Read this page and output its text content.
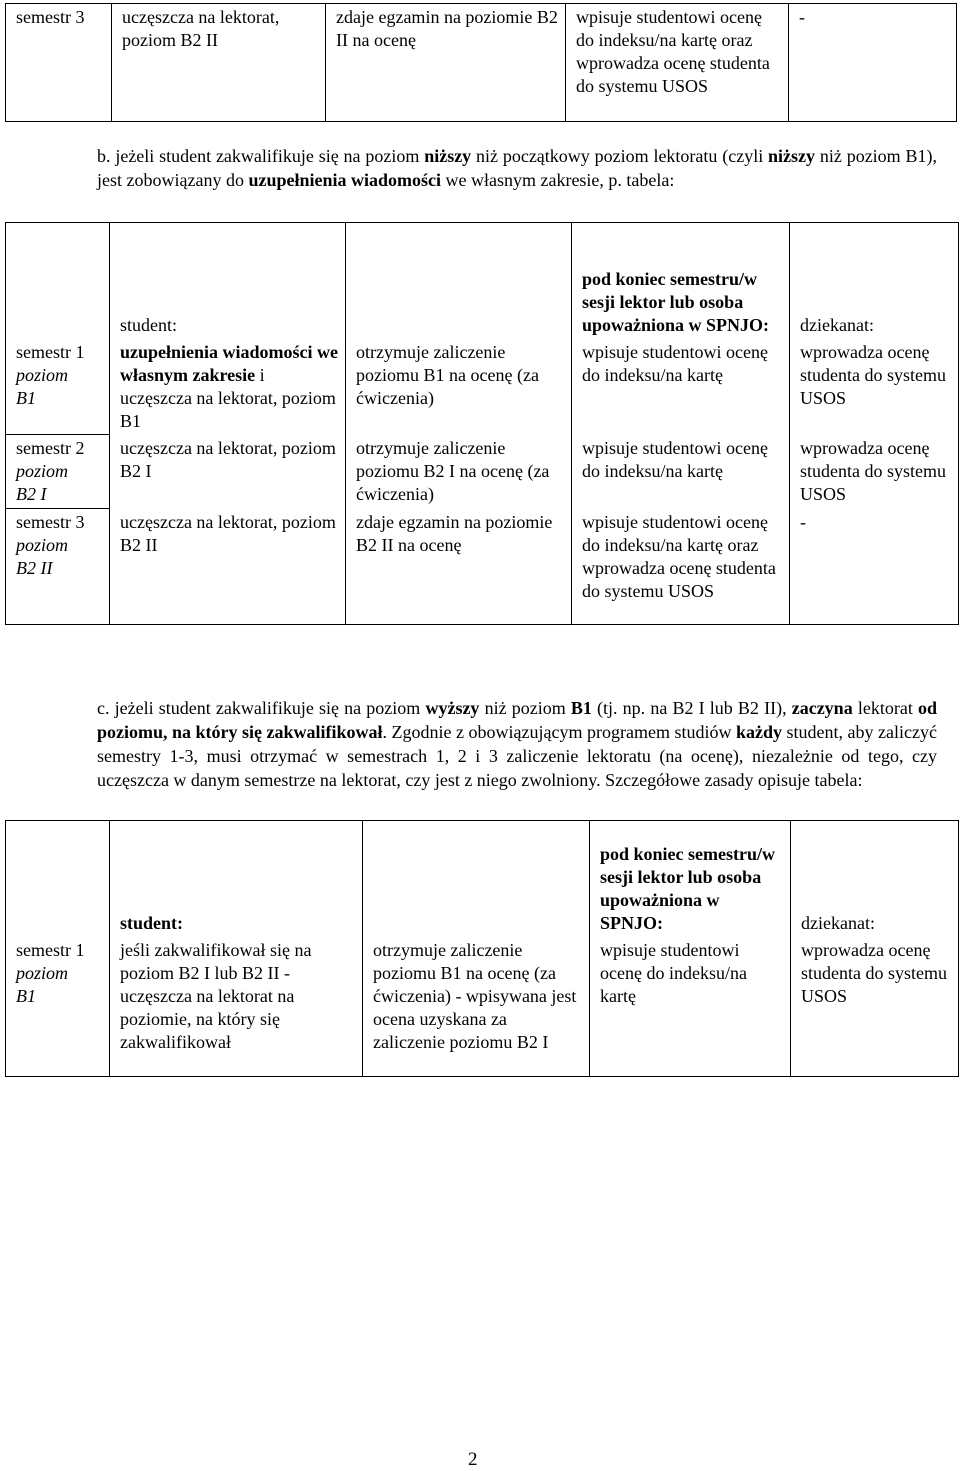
semestr 3	uczęszcza na lektorat, poziom B2 II	zdaje egzamin na poziomie B2 II na ocenę	wpisuje studentowi ocenę do indeksu/na kartę oraz wprowadza ocenę studenta do systemu USOS	-

b. jeżeli student zakwalifikuje się na poziom niższy niż początkowy poziom lektoratu (czyli niższy niż poziom B1), jest zobowiązany do uzupełnienia wiadomości we własnym zakresie, p. tabela:

	student:		pod koniec semestru/w sesji lektor lub osoba upoważniona w SPNJO:	dziekanat:

semestr 1
poziom
B1	uzupełnienia wiadomości we własnym zakresie i uczęszcza na lektorat, poziom B1	otrzymuje zaliczenie poziomu B1 na ocenę (za ćwiczenia)	wpisuje studentowi ocenę do indeksu/na kartę	wprowadza ocenę studenta do systemu USOS

semestr 2
poziom
B2 I	uczęszcza na lektorat, poziom B2 I	otrzymuje zaliczenie poziomu B2 I na ocenę (za ćwiczenia)	wpisuje studentowi ocenę do indeksu/na kartę	wprowadza ocenę studenta do systemu USOS

semestr 3
poziom
B2 II	uczęszcza na lektorat, poziom B2 II	zdaje egzamin na poziomie B2 II na ocenę	wpisuje studentowi ocenę do indeksu/na kartę oraz wprowadza ocenę studenta do systemu USOS	-

c. jeżeli student zakwalifikuje się na poziom wyższy niż poziom B1 (tj. np. na B2 I lub B2 II), zaczyna lektorat od poziomu, na który się zakwalifikował. Zgodnie z obowiązującym programem studiów każdy student, aby zaliczyć semestry 1-3, musi otrzymać w semestrach 1, 2 i 3 zaliczenie lektoratu (na ocenę), niezależnie od tego, czy uczęszcza w danym semestrze na lektorat, czy jest z niego zwolniony. Szczegółowe zasady opisuje tabela:

	student:		pod koniec semestru/w sesji lektor lub osoba upoważniona w SPNJO:	dziekanat:

semestr 1
poziom
B1	jeśli zakwalifikował się na poziom B2 I lub B2 II - uczęszcza na lektorat na poziomie, na który się zakwalifikował	otrzymuje zaliczenie poziomu B1 na ocenę (za ćwiczenia) - wpisywana jest ocena uzyskana za zaliczenie poziomu B2 I	wpisuje studentowi ocenę do indeksu/na kartę	wprowadza ocenę studenta do systemu USOS
2
